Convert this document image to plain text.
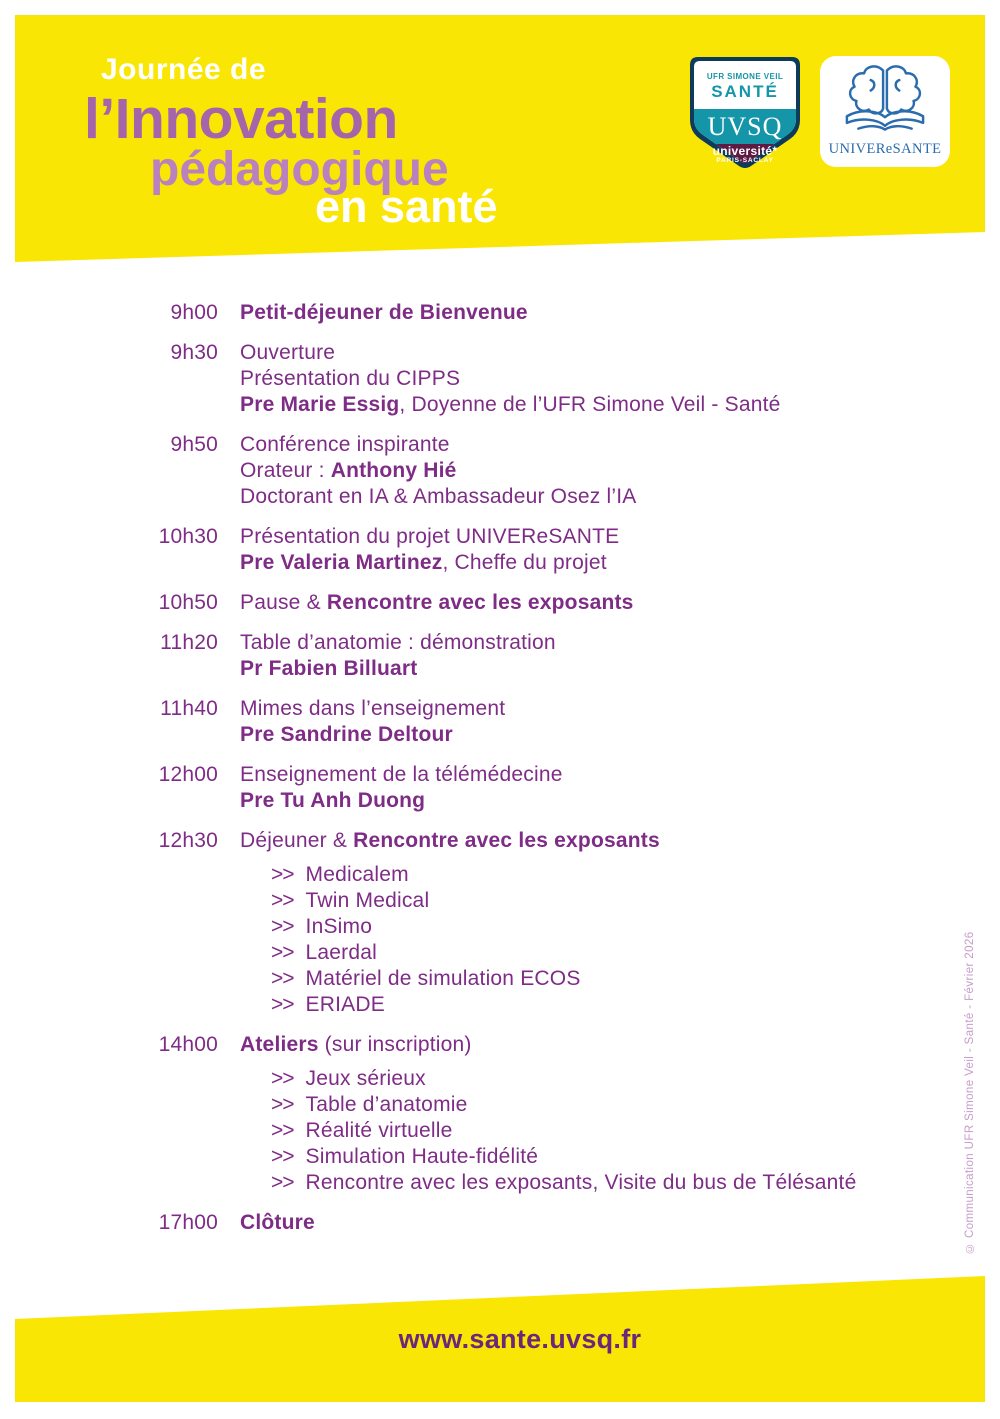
Journée de
l’Innovation
pédagogique
en santé
UFR SIMONE VEIL
SANTÉ
UVSQ
université*
PARIS-SACLAY
UNIVEReSANTE
9h00 Petit-déjeuner de Bienvenue
9h30 Ouverture
Présentation du CIPPS
Pre Marie Essig, Doyenne de l’UFR Simone Veil - Santé
9h50 Conférence inspirante
Orateur : Anthony Hié
Doctorant en IA & Ambassadeur Osez l’IA
10h30 Présentation du projet UNIVEReSANTE
Pre Valeria Martinez, Cheffe du projet
10h50 Pause & Rencontre avec les exposants
11h20 Table d’anatomie : démonstration
Pr Fabien Billuart
11h40 Mimes dans l’enseignement
Pre Sandrine Deltour
12h00 Enseignement de la télémédecine
Pre Tu Anh Duong
12h30 Déjeuner & Rencontre avec les exposants
>> Medicalem
>> Twin Medical
>> InSimo
>> Laerdal
>> Matériel de simulation ECOS
>> ERIADE
14h00 Ateliers (sur inscription)
>> Jeux sérieux
>> Table d’anatomie
>> Réalité virtuelle
>> Simulation Haute-fidélité
>> Rencontre avec les exposants, Visite du bus de Télésanté
17h00 Clôture
www.sante.uvsq.fr
© Communication UFR Simone Veil - Santé - Février 2026
